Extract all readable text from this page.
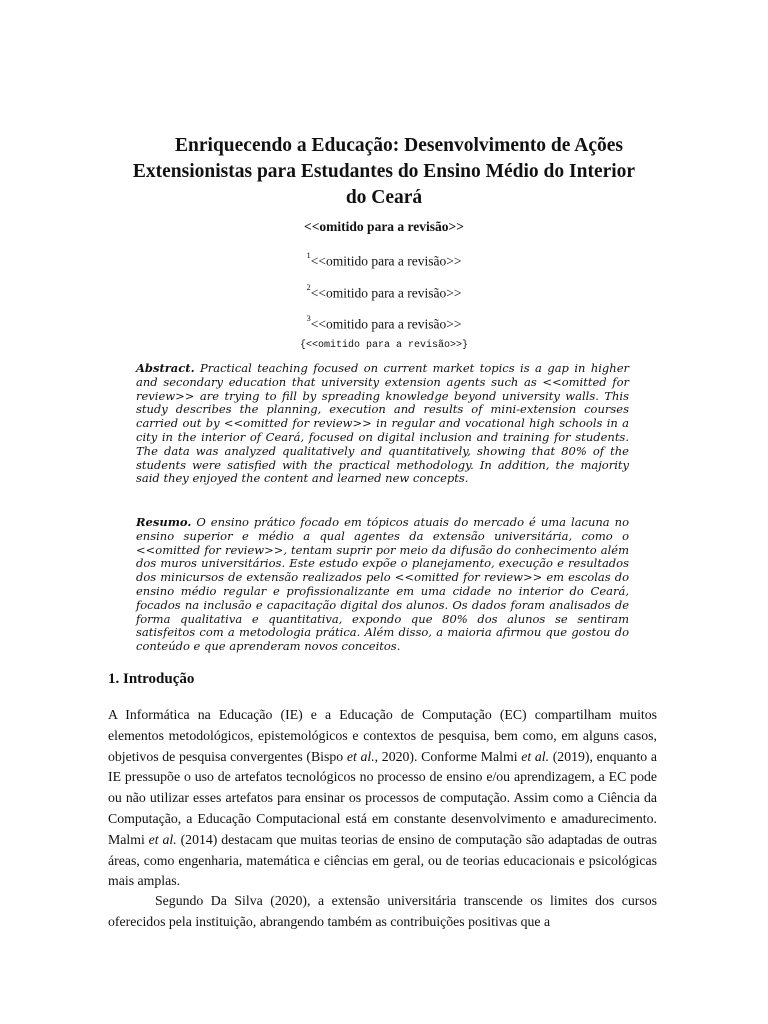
Enriquecendo a Educação: Desenvolvimento de Ações
Extensionistas para Estudantes do Ensino Médio do Interior
do Ceará
<<omitido para a revisão>>
$^1$<<omitido para a revisão>>
$^2$<<omitido para a revisão>>
$^3$<<omitido para a revisão>>
{<<omitido para a revisão>>}
Abstract. Practical teaching focused on current market topics is a gap in higher and secondary education that university extension agents such as <<omitted for review>> are trying to fill by spreading knowledge beyond university walls. This study describes the planning, execution and results of mini-extension courses carried out by <<omitted for review>> in regular and vocational high schools in a city in the interior of Ceará, focused on digital inclusion and training for students. The data was analyzed qualitatively and quantitatively, showing that 80% of the students were satisfied with the practical methodology. In addition, the majority said they enjoyed the content and learned new concepts.
Resumo. O ensino prático focado em tópicos atuais do mercado é uma lacuna no ensino superior e médio a qual agentes da extensão universitária, como o <<omitted for review>>, tentam suprir por meio da difusão do conhecimento além dos muros universitários. Este estudo expõe o planejamento, execução e resultados dos minicursos de extensão realizados pelo <<omitted for review>> em escolas do ensino médio regular e profissionalizante em uma cidade no interior do Ceará, focados na inclusão e capacitação digital dos alunos. Os dados foram analisados de forma qualitativa e quantitativa, expondo que 80% dos alunos se sentiram satisfeitos com a metodologia prática. Além disso, a maioria afirmou que gostou do conteúdo e que aprenderam novos conceitos.
1. Introdução
A Informática na Educação (IE) e a Educação de Computação (EC) compartilham muitos elementos metodológicos, epistemológicos e contextos de pesquisa, bem como, em alguns casos, objetivos de pesquisa convergentes (Bispo et al., 2020). Conforme Malmi et al. (2019), enquanto a IE pressupõe o uso de artefatos tecnológicos no processo de ensino e/ou aprendizagem, a EC pode ou não utilizar esses artefatos para ensinar os processos de computação. Assim como a Ciência da Computação, a Educação Computacional está em constante desenvolvimento e amadurecimento. Malmi et al. (2014) destacam que muitas teorias de ensino de computação são adaptadas de outras áreas, como engenharia, matemática e ciências em geral, ou de teorias educacionais e psicológicas mais amplas.
Segundo Da Silva (2020), a extensão universitária transcende os limites dos cursos oferecidos pela instituição, abrangendo também as contribuições positivas que a
